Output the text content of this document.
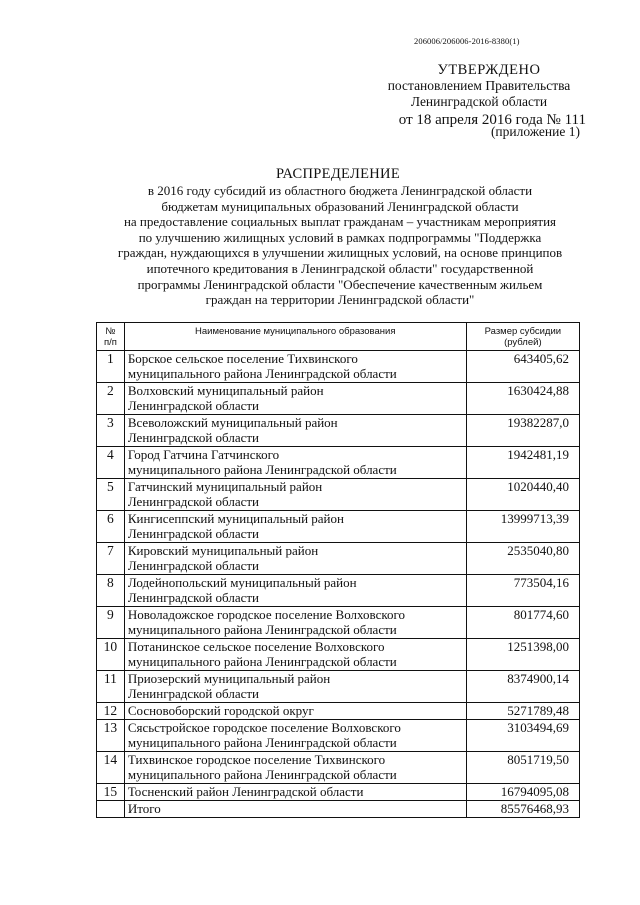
206006/206006-2016-8380(1)
УТВЕРЖДЕНО
постановлением Правительства
Ленинградской области
от 18 апреля 2016 года № 111
(приложение 1)
РАСПРЕДЕЛЕНИЕ
в 2016 году субсидий из областного бюджета Ленинградской области
бюджетам муниципальных образований Ленинградской области
на предоставление социальных выплат гражданам – участникам мероприятия
по улучшению жилищных условий в рамках подпрограммы "Поддержка
граждан, нуждающихся в улучшении жилищных условий, на основе принципов
ипотечного кредитования в Ленинградской области" государственной
программы Ленинградской области "Обеспечение качественным жильем
граждан на территории Ленинградской области"
№
п/п	Наименование муниципального образования	Размер субсидии
(рублей)

1	Борское сельское поселение Тихвинского
муниципального района Ленинградской области	643405,62
2	Волховский муниципальный район
Ленинградской области	1630424,88
3	Всеволожский муниципальный район
Ленинградской области	19382287,0
4	Город Гатчина Гатчинского
муниципального района Ленинградской области	1942481,19
5	Гатчинский муниципальный район
Ленинградской области	1020440,40
6	Кингисеппский муниципальный район
Ленинградской области	13999713,39
7	Кировский муниципальный район
Ленинградской области	2535040,80
8	Лодейнопольский муниципальный район
Ленинградской области	773504,16
9	Новоладожское городское поселение Волховского
муниципального района Ленинградской области	801774,60
10	Потанинское сельское поселение Волховского
муниципального района Ленинградской области	1251398,00
11	Приозерский муниципальный район
Ленинградской области	8374900,14
12	Сосновоборский городской округ	5271789,48
13	Сясьстройское городское поселение Волховского
муниципального района Ленинградской области	3103494,69
14	Тихвинское городское поселение Тихвинского
муниципального района Ленинградской области	8051719,50
15	Тосненский район Ленинградской области	16794095,08
	Итого	85576468,93
